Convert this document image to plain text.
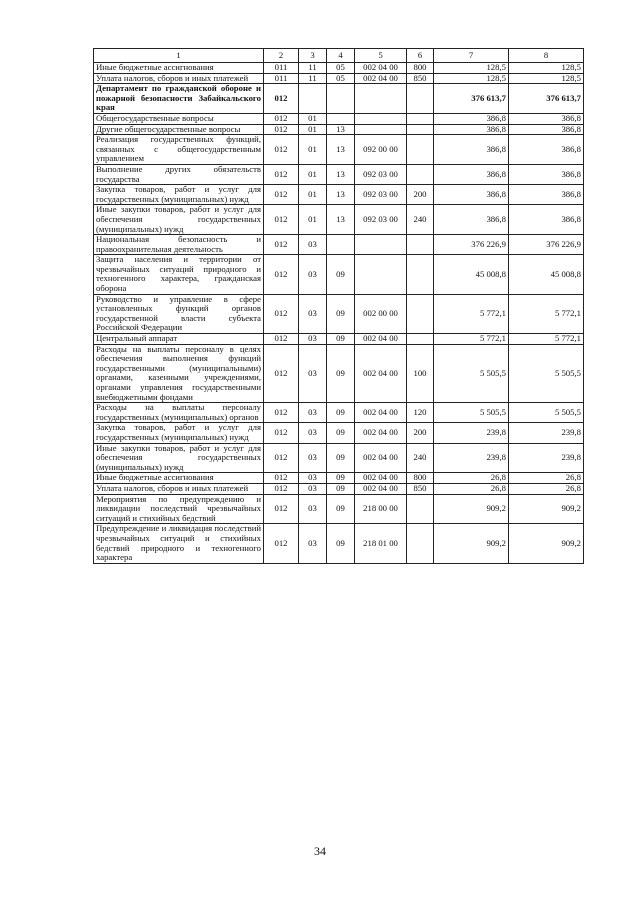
1	2	3	4	5	6	7	8
Иные бюджетные ассигнования	011	11	05	002 04 00	800	128,5	128,5
Уплата налогов, сборов и иных платежей	011	11	05	002 04 00	850	128,5	128,5
Департамент по гражданской обороне и пожарной безопасности Забайкальского края	012					376 613,7	376 613,7
Общегосударственные вопросы	012	01				386,8	386,8
Другие общегосударственные вопросы	012	01	13			386,8	386,8
Реализация государственных функций, связанных с общегосударственным управлением	012	01	13	092 00 00		386,8	386,8
Выполнение других обязательств государства	012	01	13	092 03 00		386,8	386,8
Закупка товаров, работ и услуг для государственных (муниципальных) нужд	012	01	13	092 03 00	200	386,8	386,8
Иные закупки товаров, работ и услуг для обеспечения государственных (муниципальных) нужд	012	01	13	092 03 00	240	386,8	386,8
Национальная безопасность и правоохранительная деятельность	012	03				376 226,9	376 226,9
Защита населения и территории от чрезвычайных ситуаций природного и техногенного характера, гражданская оборона	012	03	09			45 008,8	45 008,8
Руководство и управление в сфере установленных функций органов государственной власти субъекта Российской Федерации	012	03	09	002 00 00		5 772,1	5 772,1
Центральный аппарат	012	03	09	002 04 00		5 772,1	5 772,1
Расходы на выплаты персоналу в целях обеспечения выполнения функций государственными (муниципальными) органами, казенными учреждениями, органами управления государственными внебюджетными фондами	012	03	09	002 04 00	100	5 505,5	5 505,5
Расходы на выплаты персоналу государственных (муниципальных) органов	012	03	09	002 04 00	120	5 505,5	5 505,5
Закупка товаров, работ и услуг для государственных (муниципальных) нужд	012	03	09	002 04 00	200	239,8	239,8
Иные закупки товаров, работ и услуг для обеспечения государственных (муниципальных) нужд	012	03	09	002 04 00	240	239,8	239,8
Иные бюджетные ассигнования	012	03	09	002 04 00	800	26,8	26,8
Уплата налогов, сборов и иных платежей	012	03	09	002 04 00	850	26,8	26,8
Мероприятия по предупреждению и ликвидации последствий чрезвычайных ситуаций и стихийных бедствий	012	03	09	218 00 00		909,2	909,2
Предупреждение и ликвидация последствий чрезвычайных ситуаций и стихийных бедствий природного и техногенного характера	012	03	09	218 01 00		909,2	909,2
34
